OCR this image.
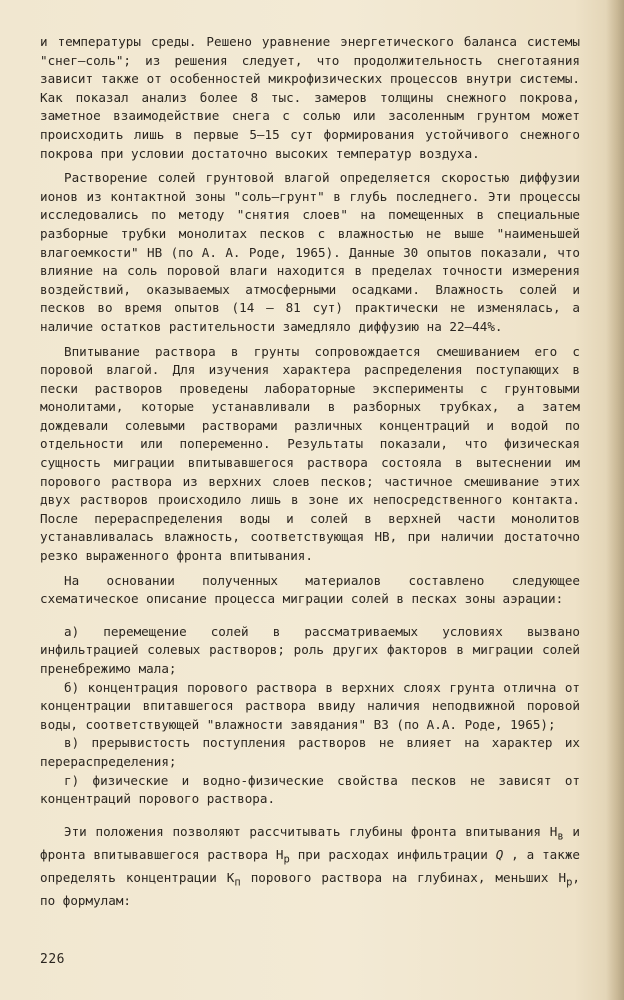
и температуры среды. Решено уравнение энергетического баланса системы "снег–соль"; из решения следует, что продолжительность снеготаяния зависит также от особенностей микрофизических процессов внутри системы. Как показал анализ более 8 тыс. замеров толщины снежного покрова, заметное взаимодействие снега с солью или засоленным грунтом может происходить лишь в первые 5–15 сут формирования устойчивого снежного покрова при условии достаточно высоких температур воздуха.

Растворение солей грунтовой влагой определяется скоростью диффузии ионов из контактной зоны "соль–грунт" в глубь последнего. Эти процессы исследовались по методу "снятия слоев" на помещенных в специальные разборные трубки монолитах песков с влажностью не выше "наименьшей влагоемкости" НВ (по А. А. Роде, 1965). Данные 30 опытов показали, что влияние на соль поровой влаги находится в пределах точности измерения воздействий, оказываемых атмосферными осадками. Влажность солей и песков во время опытов (14 – 81 сут) практически не изменялась, а наличие остатков растительности замедляло диффузию на 22–44%.

Впитывание раствора в грунты сопровождается смешиванием его с поровой влагой. Для изучения характера распределения поступающих в пески растворов проведены лабораторные эксперименты с грунтовыми монолитами, которые устанавливали в разборных трубках, а затем дождевали солевыми растворами различных концентраций и водой по отдельности или попеременно. Результаты показали, что физическая сущность миграции впитывавшегося раствора состояла в вытеснении им порового раствора из верхних слоев песков; частичное смешивание этих двух растворов происходило лишь в зоне их непосредственного контакта. После перераспределения воды и солей в верхней части монолитов устанавливалась влажность, соответствующая НВ, при наличии достаточно резко выраженного фронта впитывания.

На основании полученных материалов составлено следующее схематическое описание процесса миграции солей в песках зоны аэрации:

а) перемещение солей в рассматриваемых условиях вызвано инфильтрацией солевых растворов; роль других факторов в миграции солей пренебрежимо мала;

б) концентрация порового раствора в верхних слоях грунта отлична от концентрации впитавшегося раствора ввиду наличия неподвижной поровой воды, соответствующей "влажности завядания" ВЗ (по А.А. Роде, 1965);

в) прерывистость поступления растворов не влияет на характер их перераспределения;

г) физические и водно-физические свойства песков не зависят от концентраций порового раствора.

Эти положения позволяют рассчитывать глубины фронта впитывания $Н_в$ и фронта впитывавшегося раствора $Н_р$ при расходах инфильтрации Q , а также определять концентрации $К_п$ порового раствора на глубинах, меньших $Н_р$, по формулам:

226
